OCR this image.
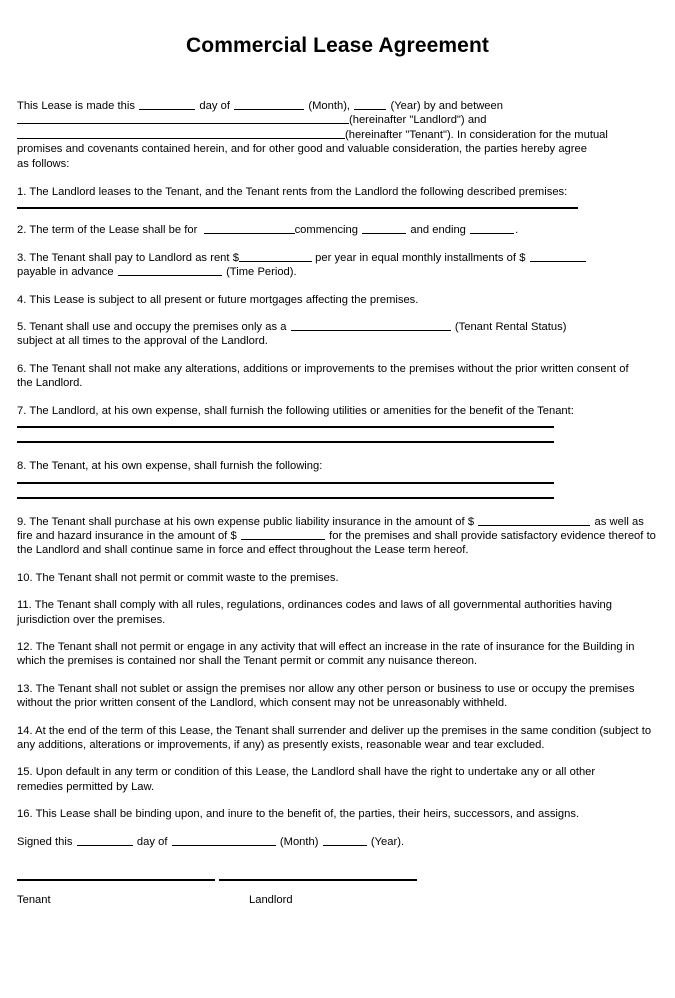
Commercial Lease Agreement

This Lease is made this	day of	(Month),	(Year) by and between
(hereinafter "Landlord") and
(hereinafter "Tenant"). In consideration for the mutual
promises and covenants contained herein, and for other good and valuable consideration, the parties hereby agree
as follows:

1. The Landlord leases to the Tenant, and the Tenant rents from the Landlord the following described premises:

2. The term of the Lease shall be for	commencing	and ending	.

3. The Tenant shall pay to Landlord as rent $	per year in equal monthly installments of $
payable in advance	(Time Period).

4. This Lease is subject to all present or future mortgages affecting the premises.

5. Tenant shall use and occupy the premises only as a	(Tenant Rental Status)
subject at all times to the approval of the Landlord.

6. The Tenant shall not make any alterations, additions or improvements to the premises without the prior written consent of the Landlord.

7. The Landlord, at his own expense, shall furnish the following utilities or amenities for the benefit of the Tenant:

8. The Tenant, at his own expense, shall furnish the following:

9. The Tenant shall purchase at his own expense public liability insurance in the amount of $	as well as fire and hazard insurance in the amount of $	for the premises and shall provide satisfactory evidence thereof to the Landlord and shall continue same in force and effect throughout the Lease term hereof.

10. The Tenant shall not permit or commit waste to the premises.

11. The Tenant shall comply with all rules, regulations, ordinances codes and laws of all governmental authorities having jurisdiction over the premises.

12. The Tenant shall not permit or engage in any activity that will effect an increase in the rate of insurance for the Building in which the premises is contained nor shall the Tenant permit or commit any nuisance thereon.

13. The Tenant shall not sublet or assign the premises nor allow any other person or business to use or occupy the premises without the prior written consent of the Landlord, which consent may not be unreasonably withheld.

14. At the end of the term of this Lease, the Tenant shall surrender and deliver up the premises in the same condition (subject to any additions, alterations or improvements, if any) as presently exists, reasonable wear and tear excluded.

15. Upon default in any term or condition of this Lease, the Landlord shall have the right to undertake any or all other remedies permitted by Law.

16. This Lease shall be binding upon, and inure to the benefit of, the parties, their heirs, successors, and assigns.

Signed this	day of	(Month)	(Year).

Tenant	Landlord
